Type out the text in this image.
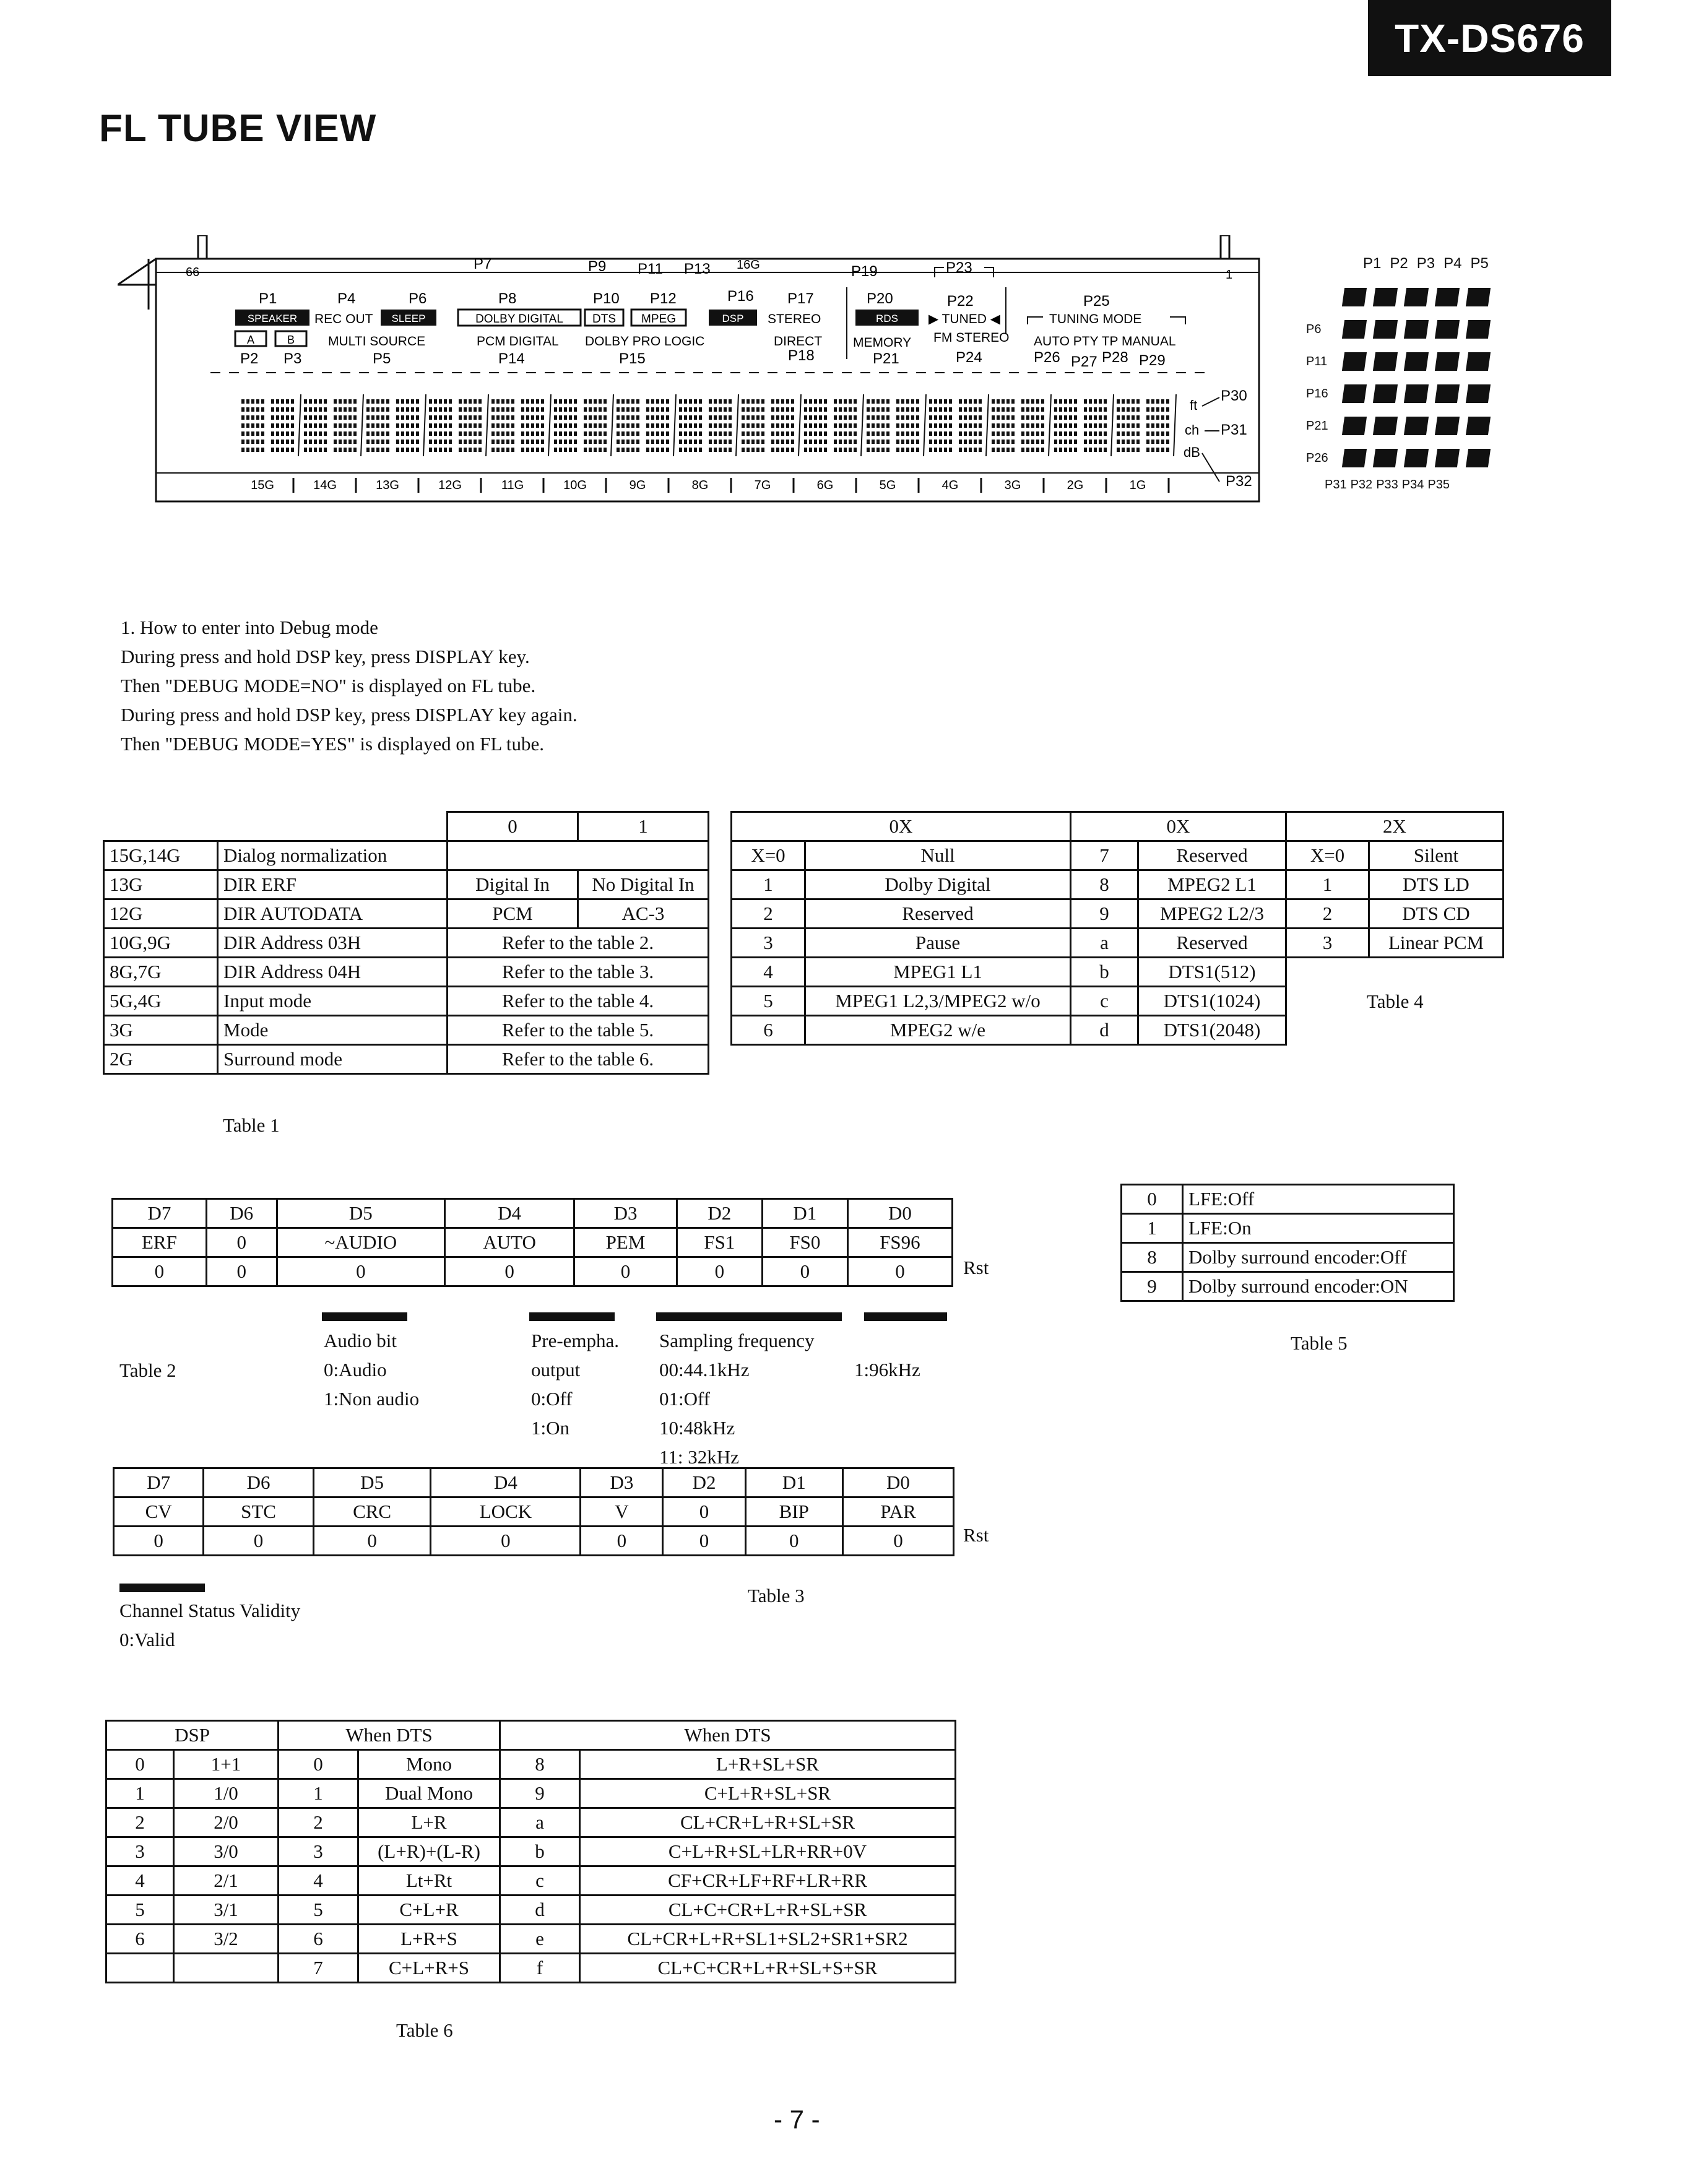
TX-DS676
FL TUBE VIEW
66	P7	P9 P11 P13 16G	P19	P23	1
P1	P4	P6	P8	P10 P12	P16 P17	P20	P22	P25
SPEAKER REC OUT SLEEP	DOLBY DIGITAL DTS MPEG	DSP STEREO	RDS ▶ TUNED ◀	TUNING MODE
A	B	MULTI SOURCE	PCM DIGITAL DOLBY PRO LOGIC	DIRECT MEMORY FM STEREO AUTO PTY TP MANUAL
P2 P3	P5	P14	P15	P18	P21	P24	P26 P27 P28 P29
ft
ch
dB
P30
P31
P32
15G	14G	13G	12G	11G	10G	9G	8G	7G	6G	5G	4G	3G	2G	1G
P1 P2 P3 P4 P5
P6
P11
P16
P21
P26
P31 P32 P33 P34 P35
1. How to enter into Debug mode
During press and hold DSP key, press DISPLAY key.
Then "DEBUG MODE=NO" is displayed on FL tube.
During press and hold DSP key, press DISPLAY key again.
Then "DEBUG MODE=YES" is displayed on FL tube.
		0	1
15G,14G	Dialog normalization		
13G	DIR ERF	Digital In	No Digital In
12G	DIR AUTODATA	PCM	AC-3
10G,9G	DIR Address 03H	Refer to the table 2.	
8G,7G	DIR Address 04H	Refer to the table 3.	
5G,4G	Input mode	Refer to the table 4.	
3G	Mode	Refer to the table 5.	
2G	Surround mode	Refer to the table 6.	
Table 1
0X		0X		2X	
X=0	Null	7	Reserved	X=0	Silent
1	Dolby Digital	8	MPEG2 L1	1	DTS LD
2	Reserved	9	MPEG2 L2/3	2	DTS CD
3	Pause	a	Reserved	3	Linear PCM
4	MPEG1 L1	b	DTS1(512)	Table 4	
5	MPEG1 L2,3/MPEG2 w/o	c	DTS1(1024)		
6	MPEG2 w/e	d	DTS1(2048)		
0	LFE:Off
1	LFE:On
8	Dolby surround encoder:Off
9	Dolby surround encoder:ON
Table 5
D7	D6	D5	D4	D3	D2	D1	D0
ERF	0	~AUDIO	AUTO	PEM	FS1	FS0	FS96
0	0	0	0	0	0	0	0	Rst
Audio bit
0:Audio
1:Non audio
Pre-empha.
output
0:Off
1:On
Sampling frequency
00:44.1kHz
01:Off
10:48kHz
11: 32kHz
1:96kHz
Table 2
D7	D6	D5	D4	D3	D2	D1	D0
CV	STC	CRC	LOCK	V	0	BIP	PAR
0	0	0	0	0	0	0	0	Rst
Channel Status Validity
0:Valid
Table 3
DSP		When DTS		When DTS	
0	1+1	0	Mono	8	L+R+SL+SR
1	1/0	1	Dual Mono	9	C+L+R+SL+SR
2	2/0	2	L+R	a	CL+CR+L+R+SL+SR
3	3/0	3	(L+R)+(L-R)	b	C+L+R+SL+LR+RR+0V
4	2/1	4	Lt+Rt	c	CF+CR+LF+RF+LR+RR
5	3/1	5	C+L+R	d	CL+C+CR+L+R+SL+SR
6	3/2	6	L+R+S	e	CL+CR+L+R+SL1+SL2+SR1+SR2
		7	C+L+R+S	f	CL+C+CR+L+R+SL+S+SR
Table 6
- 7 -
